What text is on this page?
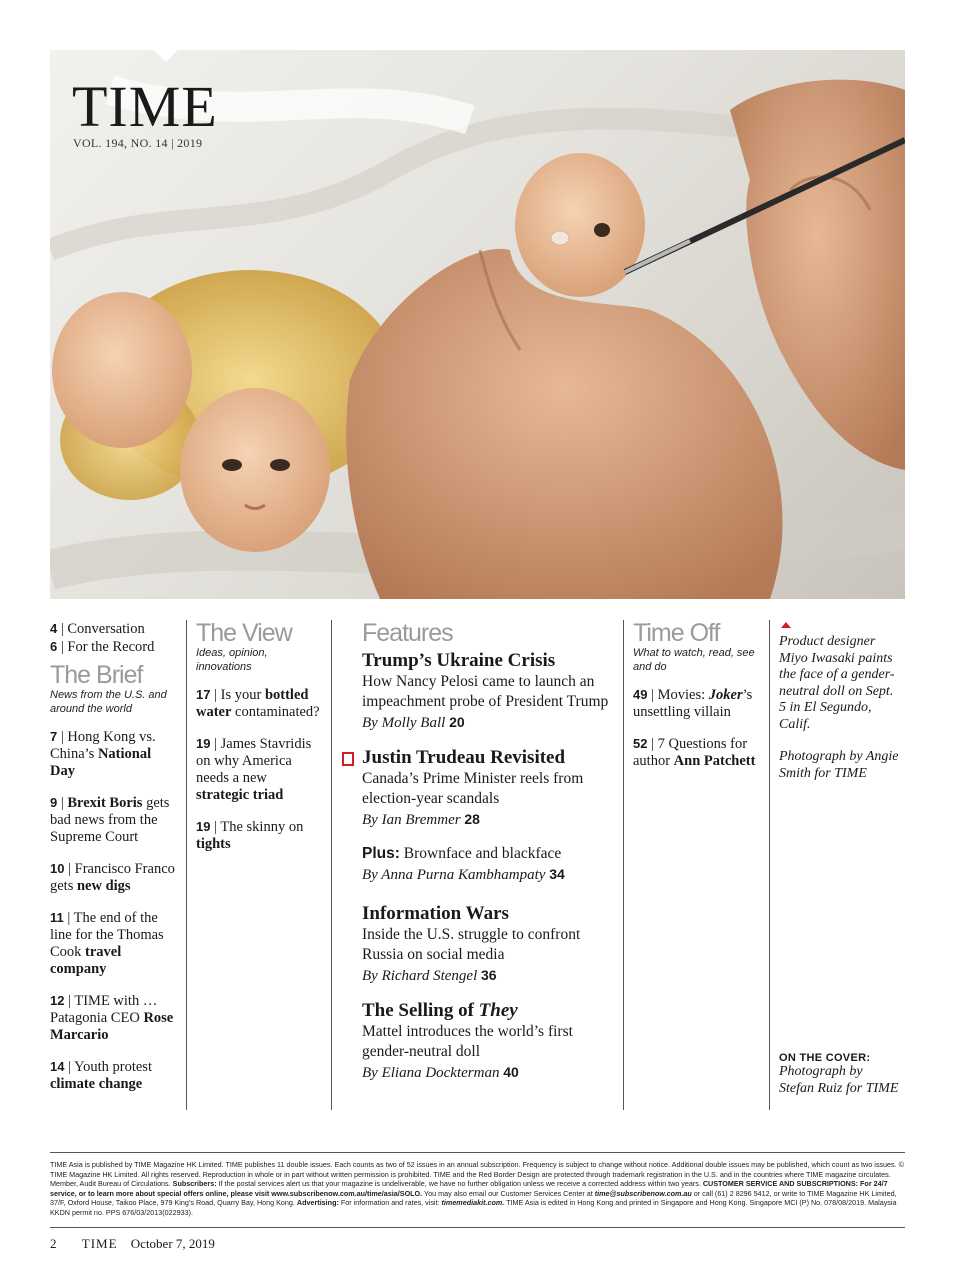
TIME
VOL. 194, NO. 14 | 2019
4 | Conversation
6 | For the Record
The Brief
News from the U.S. and around the world
7 | Hong Kong vs. China’s National Day
9 | Brexit Boris gets bad news from the Supreme Court
10 | Francisco Franco gets new digs
11 | The end of the line for the Thomas Cook travel company
12 | TIME with … Patagonia CEO Rose Marcario
14 | Youth protest climate change
The View
Ideas, opinion, innovations
17 | Is your bottled water contaminated?
19 | James Stavridis on why America needs a new strategic triad
19 | The skinny on tights
Features
Trump’s Ukraine Crisis
How Nancy Pelosi came to launch an impeachment probe of President Trump
By Molly Ball 20
Justin Trudeau Revisited
Canada’s Prime Minister reels from election-year scandals
By Ian Bremmer 28
Plus: Brownface and blackface
By Anna Purna Kambhampaty 34
Information Wars
Inside the U.S. struggle to confront Russia on social media
By Richard Stengel 36
The Selling of They
Mattel introduces the world’s first gender-neutral doll
By Eliana Dockterman 40
Time Off
What to watch, read, see and do
49 | Movies: Joker’s unsettling villain
52 | 7 Questions for author Ann Patchett
Product designer Miyo Iwasaki paints the face of a gender-neutral doll on Sept. 5 in El Segundo, Calif.
Photograph by Angie Smith for TIME
ON THE COVER:
Photograph by Stefan Ruiz for TIME
TIME Asia is published by TIME Magazine HK Limited. TIME publishes 11 double issues. Each counts as two of 52 issues in an annual subscription. Frequency is subject to change without notice. Additional double issues may be published, which count as two issues. © TIME Magazine HK Limited. All rights reserved. Reproduction in whole or in part without written permission is prohibited. TIME and the Red Border Design are protected through trademark registration in the U.S. and in the countries where TIME magazine circulates. Member, Audit Bureau of Circulations. Subscribers: If the postal services alert us that your magazine is undeliverable, we have no further obligation unless we receive a corrected address within two years. CUSTOMER SERVICE AND SUBSCRIPTIONS: For 24/7 service, or to learn more about special offers online, please visit www.subscribenow.com.au/time/asia/SOLO. You may also email our Customer Services Center at time@subscribenow.com.au or call (61) 2 8296 5412, or write to TIME Magazine HK Limited, 37/F, Oxford House, Taikoo Place, 979 King’s Road, Quarry Bay, Hong Kong. Advertising: For information and rates, visit: timemediakit.com. TIME Asia is edited in Hong Kong and printed in Singapore and Hong Kong. Singapore MCI (P) No. 078/08/2019. Malaysia KKDN permit no. PPS 676/03/2013(022933).
2 TIME October 7, 2019
